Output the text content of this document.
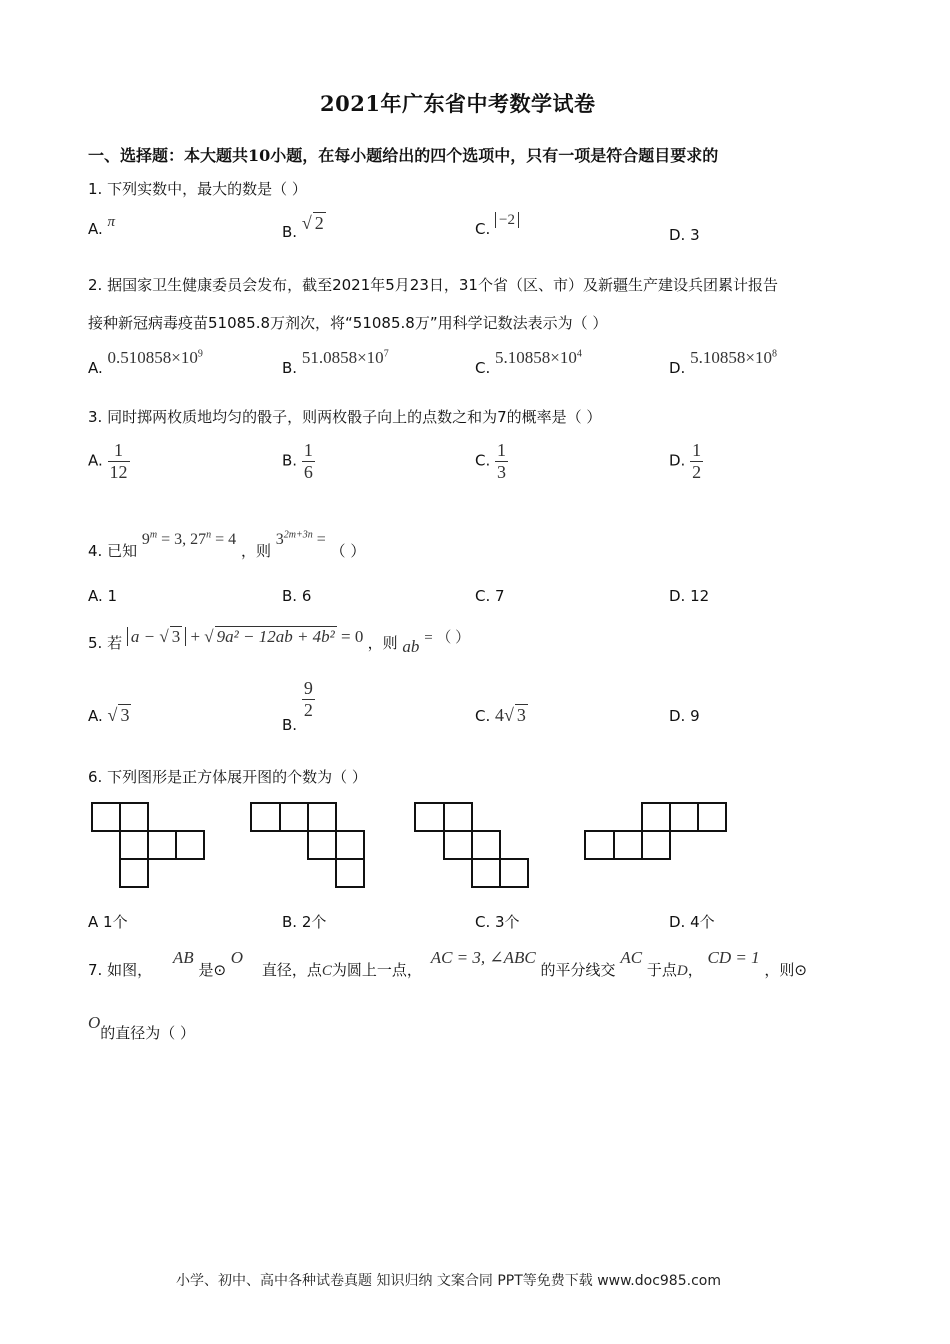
2021年广东省中考数学试卷
一、选择题：本大题共10小题，在每小题给出的四个选项中，只有一项是符合题目要求的
1. 下列实数中，最大的数是（ ）
A. π
B. √ 2	C. −2
D. 3
2. 据国家卫生健康委员会发布，截至2021年5月23日，31个省（区、市）及新疆生产建设兵团累计报告
接种新冠病毒疫苗51085.8万剂次，将“51085.8万”用科学记数法表示为（ ）
A. $0.510858\times 10^9$
B. $51.0858\times 10^7$
C. $5.10858\times 10^4$
D. $5.10858\times 10^8$
3. 同时掷两枚质地均匀的骰子，则两枚骰子向上的点数之和为7的概率是（ ）
A. $\frac{1}{12}$	B. $\frac{1}{6}$	C. $\frac{1}{3}$	D. $\frac{1}{2}$
4. 已知 $9^m = 3$, $27^n = 4$ ，则 $3^{2m+3n}$ = （ ）
A. 1	B. 6	C. 7	D. 12
5. 若 a − √ 3 + √ 9a² − 12ab + 4b² = 0 ，则 ab = （ ）
A. √ 3	B.
$\frac{9}{2}$	C. 4√ 3	D. 9
6. 下列图形是正方体展开图的个数为（ ）
A 1个	B. 2个	C. 3个	D. 4个
7. 如图， AB 是⊙ O 直径，点C为圆上一点， AC = 3, ∠ABC 的平分线交 AC 于点D， CD = 1 ，则⊙
O的直径为（ ）
小学、初中、高中各种试卷真题 知识归纳 文案合同 PPT等免费下载 www.doc985.com
